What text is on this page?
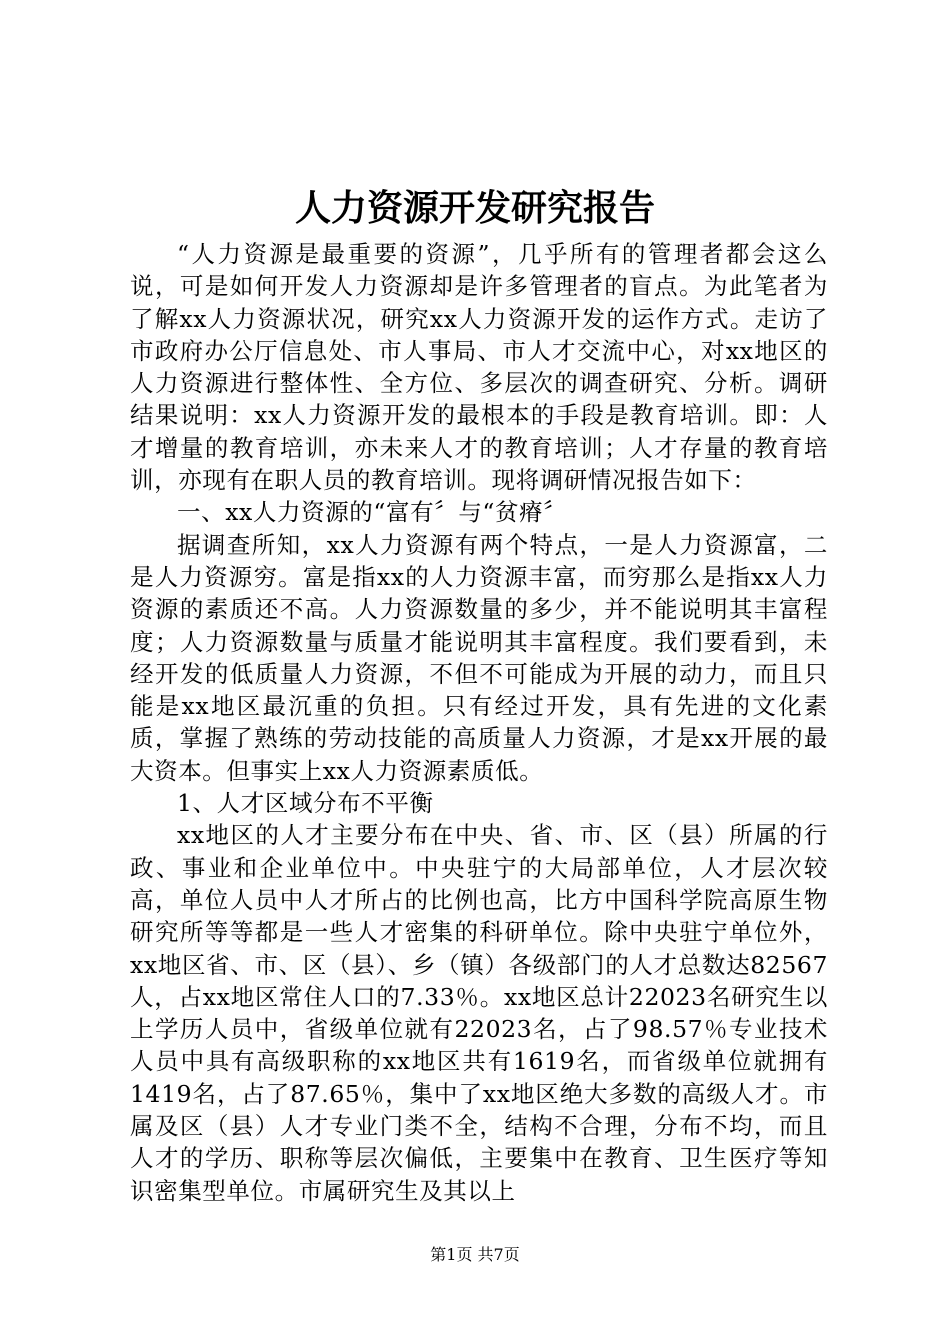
人力资源开发研究报告

“人力资源是最重要的资源”，几乎所有的管理者都会这么说，可是如何开发人力资源却是许多管理者的盲点。为此笔者为了解xx人力资源状况，研究xx人力资源开发的运作方式。走访了市政府办公厅信息处、市人事局、市人才交流中心，对xx地区的人力资源进行整体性、全方位、多层次的调查研究、分析。调研结果说明：xx人力资源开发的最根本的手段是教育培训。即：人才增量的教育培训，亦未来人才的教育培训；人才存量的教育培训，亦现有在职人员的教育培训。现将调研情况报告如下：

一、xx人力资源的“富有〞与“贫瘠〞

据调查所知，xx人力资源有两个特点，一是人力资源富，二是人力资源穷。富是指xx的人力资源丰富，而穷那么是指xx人力资源的素质还不高。人力资源数量的多少，并不能说明其丰富程度；人力资源数量与质量才能说明其丰富程度。我们要看到，未经开发的低质量人力资源，不但不可能成为开展的动力，而且只能是xx地区最沉重的负担。只有经过开发，具有先进的文化素质，掌握了熟练的劳动技能的高质量人力资源，才是xx开展的最大资本。但事实上xx人力资源素质低。

1、人才区域分布不平衡

xx地区的人才主要分布在中央、省、市、区（县）所属的行政、事业和企业单位中。中央驻宁的大局部单位，人才层次较高，单位人员中人才所占的比例也高，比方中国科学院高原生物研究所等等都是一些人才密集的科研单位。除中央驻宁单位外，xx地区省、市、区（县）、乡（镇）各级部门的人才总数达82567人，占xx地区常住人口的7.33％。xx地区总计22023名研究生以上学历人员中，省级单位就有22023名，占了98.57％专业技术人员中具有高级职称的xx地区共有1619名，而省级单位就拥有1419名，占了87.65％，集中了xx地区绝大多数的高级人才。市属及区（县）人才专业门类不全，结构不合理，分布不均，而且人才的学历、职称等层次偏低，主要集中在教育、卫生医疗等知识密集型单位。市属研究生及其以上

第1页 共7页
